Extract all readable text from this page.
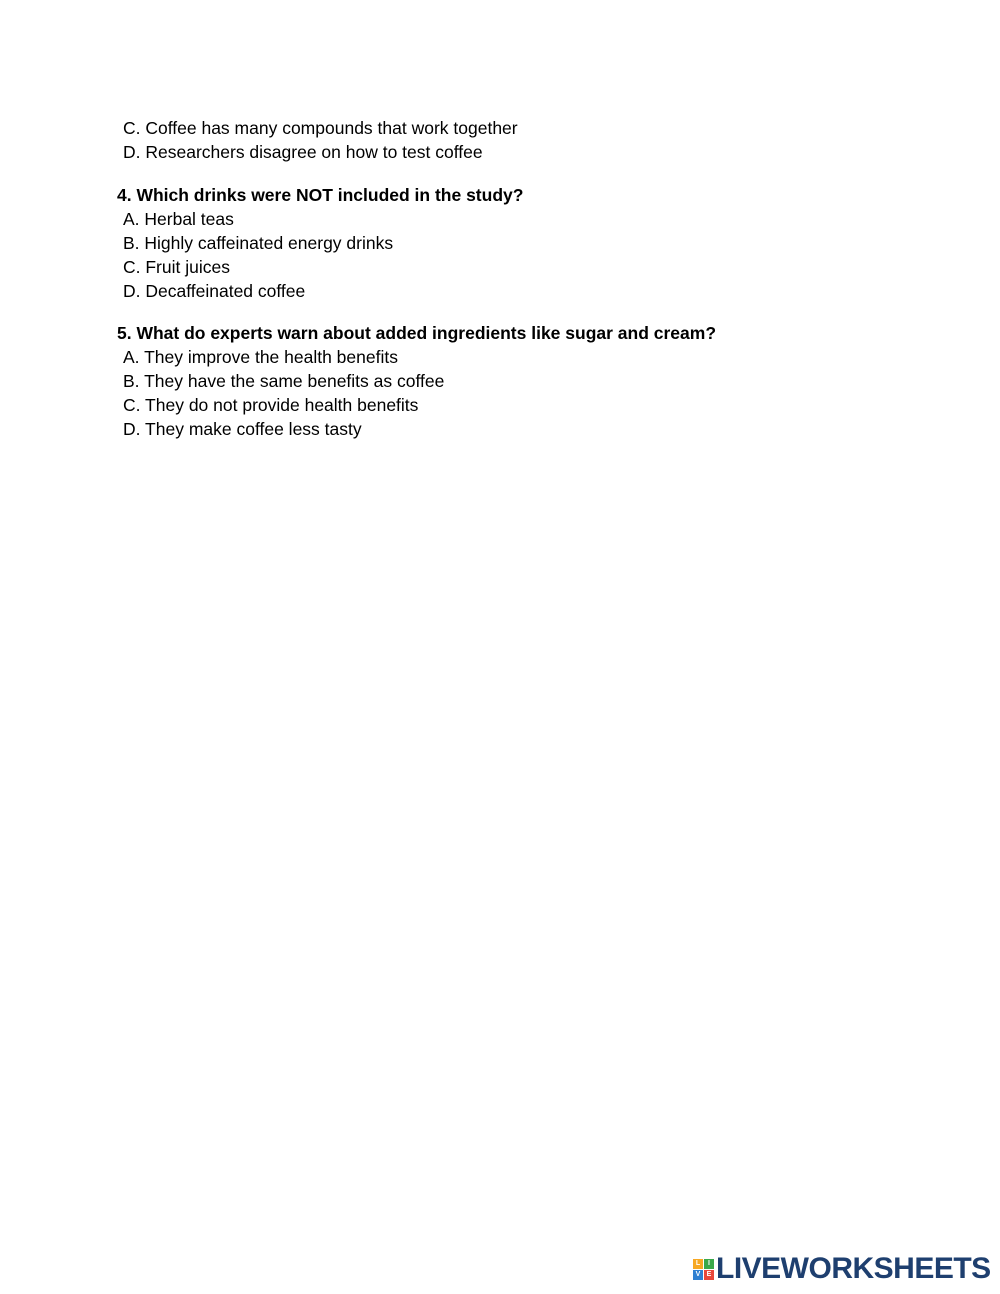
C. Coffee has many compounds that work together
D. Researchers disagree on how to test coffee
4. Which drinks were NOT included in the study?
A. Herbal teas
B. Highly caffeinated energy drinks
C. Fruit juices
D. Decaffeinated coffee
5. What do experts warn about added ingredients like sugar and cream?
A. They improve the health benefits
B. They have the same benefits as coffee
C. They do not provide health benefits
D. They make coffee less tasty
L	I
V E LIVEWORKSHEETS
